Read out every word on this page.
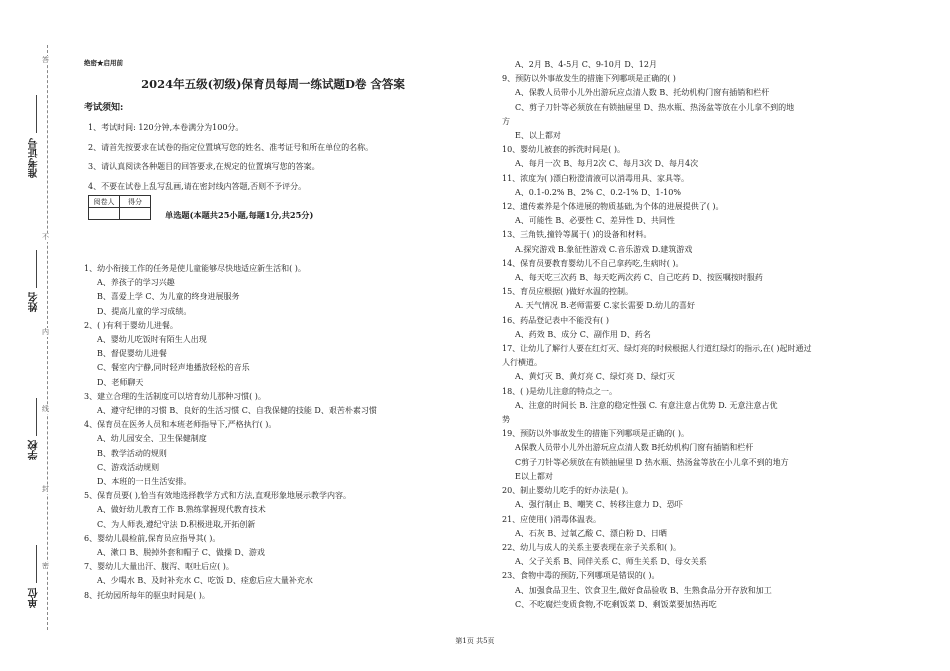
答
不
内
线
封
密
准考证号
姓名
学校
单位
绝密★启用前
2024年五级(初级)保育员每周一练试题D卷 含答案
考试须知:
1、考试时间: 120分钟,本卷满分为100分。
2、请首先按要求在试卷的指定位置填写您的姓名、准考证号和所在单位的名称。
3、请认真阅读各种题目的回答要求,在规定的位置填写您的答案。
4、不要在试卷上乱写乱画,请在密封线内答题,否则不予评分。
阅卷人	得分

单选题(本题共25小题,每题1分,共25分)
1、幼小衔接工作的任务是使儿童能够尽快地适应新生活和( )。
A、养孩子的学习兴趣
B、喜爱上学 C、为儿童的终身进展服务
D、提高儿童的学习成绩。
2、( )有利于婴幼儿进餐。
A、婴幼儿吃饭时有陌生人出现
B、督促婴幼儿进餐
C、餐室内宁静,同时轻声地播放轻松的音乐
D、老师聊天
3、建立合理的生活制度可以培育幼儿那种习惯( )。
A、遵守纪律的习惯 B、良好的生活习惯 C、自我保健的技能 D、艰苦朴素习惯
4、保育员在医务人员和本班老师指导下,严格执行( )。
A、幼儿园安全、卫生保健制度
B、教学活动的规则
C、游戏活动规则
D、本班的一日生活安排。
5、保育员要( ),恰当有效地选择教学方式和方法,直观形象地展示教学内容。
A、做好幼儿教育工作 B.熟练掌握现代教育技术
C、为人师表,遵纪守法 D.积极进取,开拓创新
6、婴幼儿晨检前,保育员应指导其( )。
A、漱口 B、脱掉外套和帽子 C、做操 D、游戏
7、婴幼儿大量出汗、腹泻、呕吐后应( )。
A、少喝水 B、及时补充水 C、吃饭 D、痊愈后应大量补充水
8、托幼园所每年的驱虫时间是( )。
A、2月 B、4-5月 C、9-10月 D、12月
9、预防以外事故发生的措施下列哪项是正确的( )
A、保教人员带小儿外出游玩应点清人数 B、托幼机构门窗有插销和栏杆
C、剪子刀针等必须放在有锁抽屉里 D、热水瓶、热汤盆等放在小儿拿不到的地
方
E、以上都对
10、婴幼儿被套的拆洗时间是( )。
A、每月一次 B、每月2次 C、每月3次 D、每月4次
11、浓度为( )漂白粉澄清液可以消毒用具、家具等。
A、0.1-0.2% B、2% C、0.2-1% D、1-10%
12、遗传素养是个体进展的物质基础,为个体的进展提供了( )。
A、可能性 B、必要性 C、差异性 D、共同性
13、三角铁,撞铃等属于( )的设备和材料。
A.探究游戏 B.象征性游戏 C.音乐游戏 D.建筑游戏
14、保育员要教育婴幼儿不自己拿药吃,生病时( )。
A、每天吃三次药 B、每天吃两次药 C、自己吃药 D、按医嘱按时服药
15、育员应根据( )做好水温的控制。
A. 天气情况 B.老师需要 C.家长需要 D.幼儿的喜好
16、药品登记表中不能没有( )
A、药效 B、成分 C、副作用 D、药名
17、让幼儿了解行人要在红灯灭、绿灯亮的时候根据人行道红绿灯的指示,在( )起时通过
人行横道。
A、黄灯灭 B、黄灯亮 C、绿灯亮 D、绿灯灭
18、( )是幼儿注意的特点之一。
A、注意的时间长 B. 注意的稳定性强 C. 有意注意占优势 D. 无意注意占优
势
19、预防以外事故发生的措施下列哪项是正确的( )。
A保教人员带小儿外出游玩应点清人数 B托幼机构门窗有插销和栏杆
C剪子刀针等必须放在有锁抽屉里 D 热水瓶、热汤盆等放在小儿拿不到的地方
E以上都对
20、制止婴幼儿吃手的好办法是( )。
A、强行制止 B、嘲笑 C、转移注意力 D、恐吓
21、应使用( )消毒体温表。
A、石灰 B、过氧乙酸 C、漂白粉 D、日晒
22、幼儿与成人的关系主要表现在亲子关系和( )。
A、父子关系 B、同伴关系 C、师生关系 D、母女关系
23、食物中毒的预防,下列哪项是错误的( )。
A、加强食品卫生、饮食卫生,做好食品验收 B、生熟食品分开存放和加工
C、不吃腐烂变质食物,不吃剩饭菜 D、剩饭菜要加热再吃
第1页 共5页
